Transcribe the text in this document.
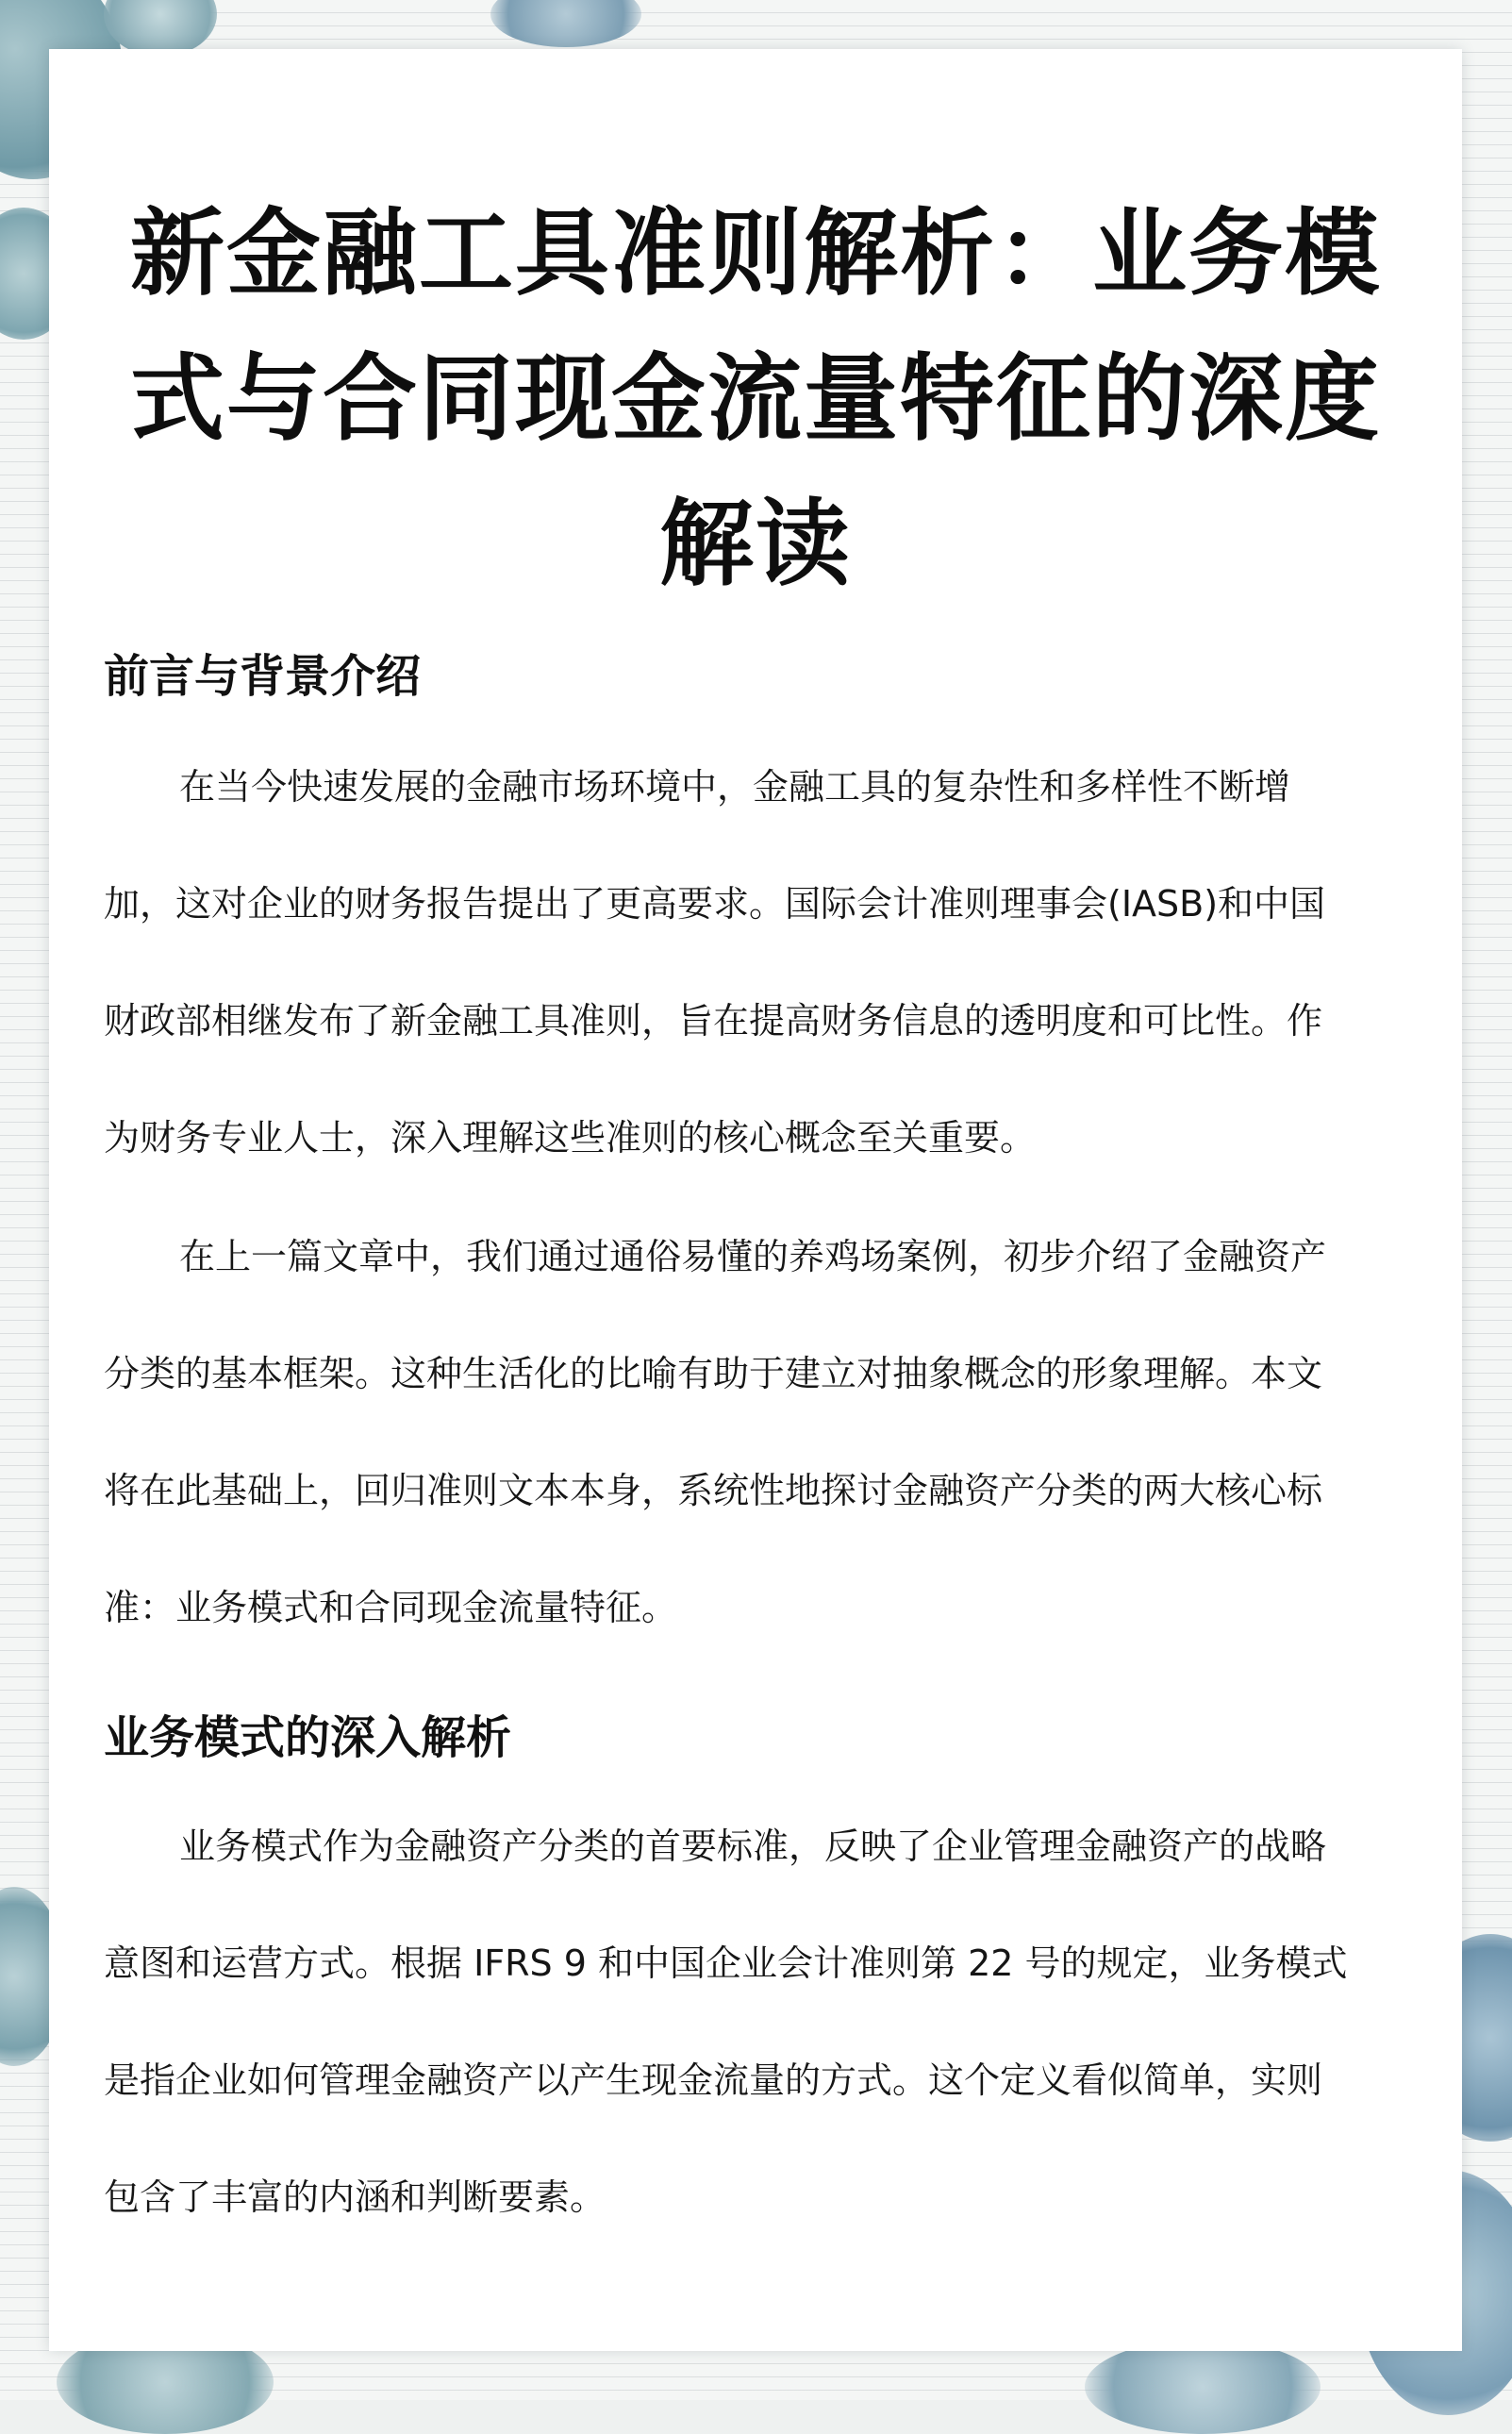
新金融工具准则解析：业务模
式与合同现金流量特征的深度
解读
前言与背景介绍

在当今快速发展的金融市场环境中，金融工具的复杂性和多样性不断增
加，这对企业的财务报告提出了更高要求。国际会计准则理事会(IASB)和中国
财政部相继发布了新金融工具准则，旨在提高财务信息的透明度和可比性。作
为财务专业人士，深入理解这些准则的核心概念至关重要。

在上一篇文章中，我们通过通俗易懂的养鸡场案例，初步介绍了金融资产
分类的基本框架。这种生活化的比喻有助于建立对抽象概念的形象理解。本文
将在此基础上，回归准则文本本身，系统性地探讨金融资产分类的两大核心标
准：业务模式和合同现金流量特征。

业务模式的深入解析

业务模式作为金融资产分类的首要标准，反映了企业管理金融资产的战略
意图和运营方式。根据 IFRS 9 和中国企业会计准则第 22 号的规定，业务模式
是指企业如何管理金融资产以产生现金流量的方式。这个定义看似简单，实则
包含了丰富的内涵和判断要素。
